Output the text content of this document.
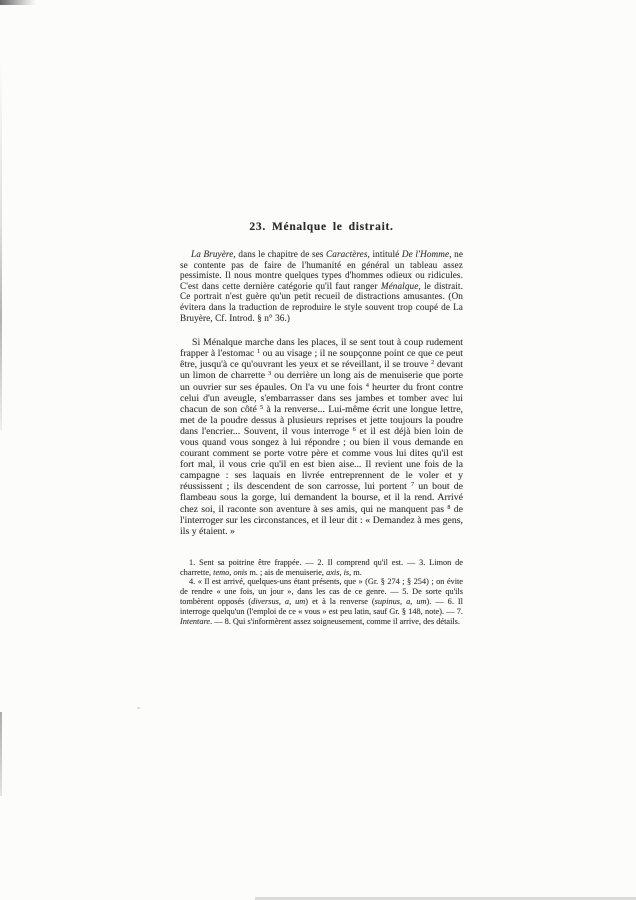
23. Ménalque le distrait.

La Bruyère, dans le chapitre de ses Caractères, intitulé De l'Homme, ne se contente pas de faire de l'humanité en général un tableau assez pessimiste. Il nous montre quelques types d'hommes odieux ou ridicules. C'est dans cette dernière catégorie qu'il faut ranger Ménalque, le distrait. Ce portrait n'est guère qu'un petit recueil de distractions amusantes. (On évitera dans la traduction de reproduire le style souvent trop coupé de La Bruyère, Cf. Introd. § n° 36.)

Si Ménalque marche dans les places, il se sent tout à coup rudement frapper à l'estomac $^1$ ou au visage ; il ne soupçonne point ce que ce peut être, jusqu'à ce qu'ouvrant les yeux et se réveillant, il se trouve $^2$ devant un limon de charrette $^3$ ou derrière un long ais de menuiserie que porte un ouvrier sur ses épaules. On l'a vu une fois $^4$ heurter du front contre celui d'un aveugle, s'embarrasser dans ses jambes et tomber avec lui chacun de son côté $^5$ à la renverse... Lui-même écrit une longue lettre, met de la poudre dessus à plusieurs reprises et jette toujours la poudre dans l'encrier... Souvent, il vous interroge $^6$ et il est déjà bien loin de vous quand vous songez à lui répondre ; ou bien il vous demande en courant comment se porte votre père et comme vous lui dites qu'il est fort mal, il vous crie qu'il en est bien aise... Il revient une fois de la campagne : ses laquais en livrée entreprennent de le voler et y réussissent ; ils descendent de son carrosse, lui portent $^7$ un bout de flambeau sous la gorge, lui demandent la bourse, et il la rend. Arrivé chez soi, il raconte son aventure à ses amis, qui ne manquent pas $^8$ de l'interroger sur les circonstances, et il leur dit : « Demandez à mes gens, ils y étaient. »

1. Sent sa poitrine être frappée. — 2. Il comprend qu'il est. — 3. Limon de charrette, temo, onis m. ; ais de menuiserie, axis, is, m.

4. « Il est arrivé, quelques-uns étant présents, que » (Gr. § 274 ; § 254) ; on évite de rendre « une fois, un jour », dans les cas de ce genre. — 5. De sorte qu'ils tombèrent opposés (diversus, a, um) et à la renverse (supinus, a, um). — 6. Il interroge quelqu'un (l'emploi de ce « vous » est peu latin, sauf Gr. § 148, note). — 7. Intentare. — 8. Qui s'informèrent assez soigneusement, comme il arrive, des détails.
